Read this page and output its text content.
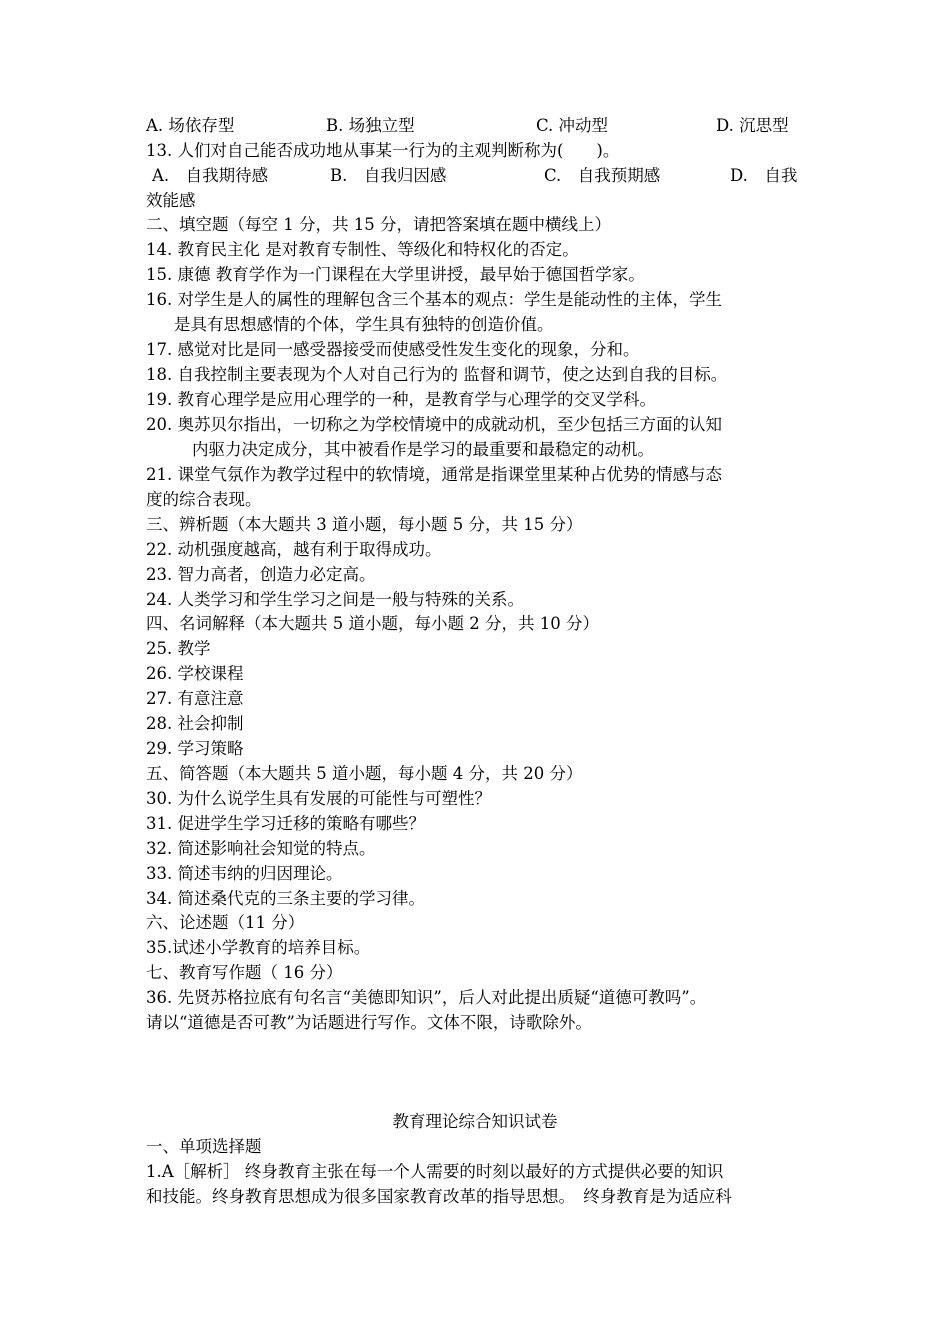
A. 场依存型	B. 场独立型	C. 冲动型	D. 沉思型
13. 人们对自己能否成功地从事某一行为的主观判断称为(　　)。
A.　自我期待感	B.　自我归因感	C.　自我预期感	D.　自我
效能感
二、填空题（每空 1 分，共 15 分，请把答案填在题中横线上）
14. 教育民主化 是对教育专制性、等级化和特权化的否定。
15. 康德 教育学作为一门课程在大学里讲授，最早始于德国哲学家。
16. 对学生是人的属性的理解包含三个基本的观点：学生是能动性的主体，学生
是具有思想感情的个体，学生具有独特的创造价值。
17. 感觉对比是同一感受器接受而使感受性发生变化的现象，分和。
18. 自我控制主要表现为个人对自己行为的 监督和调节，使之达到自我的目标。
19. 教育心理学是应用心理学的一种，是教育学与心理学的交叉学科。
20. 奥苏贝尔指出，一切称之为学校情境中的成就动机，至少包括三方面的认知
内驱力决定成分，其中被看作是学习的最重要和最稳定的动机。
21. 课堂气氛作为教学过程中的软情境，通常是指课堂里某种占优势的情感与态
度的综合表现。
三、辨析题（本大题共 3 道小题，每小题 5 分，共 15 分）
22. 动机强度越高，越有利于取得成功。
23. 智力高者，创造力必定高。
24. 人类学习和学生学习之间是一般与特殊的关系。
四、名词解释（本大题共 5 道小题，每小题 2 分，共 10 分）
25. 教学
26. 学校课程
27. 有意注意
28. 社会抑制
29. 学习策略
五、简答题（本大题共 5 道小题，每小题 4 分，共 20 分）
30. 为什么说学生具有发展的可能性与可塑性？
31. 促进学生学习迁移的策略有哪些？
32. 简述影响社会知觉的特点。
33. 简述韦纳的归因理论。
34. 简述桑代克的三条主要的学习律。
六、论述题（11 分）
35.试述小学教育的培养目标。
七、教育写作题（ 16 分）
36. 先贤苏格拉底有句名言“美德即知识”，后人对此提出质疑“道德可教吗”。
请以“道德是否可教”为话题进行写作。文体不限，诗歌除外。
教育理论综合知识试卷
一、单项选择题
1.A［解析］ 终身教育主张在每一个人需要的时刻以最好的方式提供必要的知识
和技能。终身教育思想成为很多国家教育改革的指导思想。　终身教育是为适应科
